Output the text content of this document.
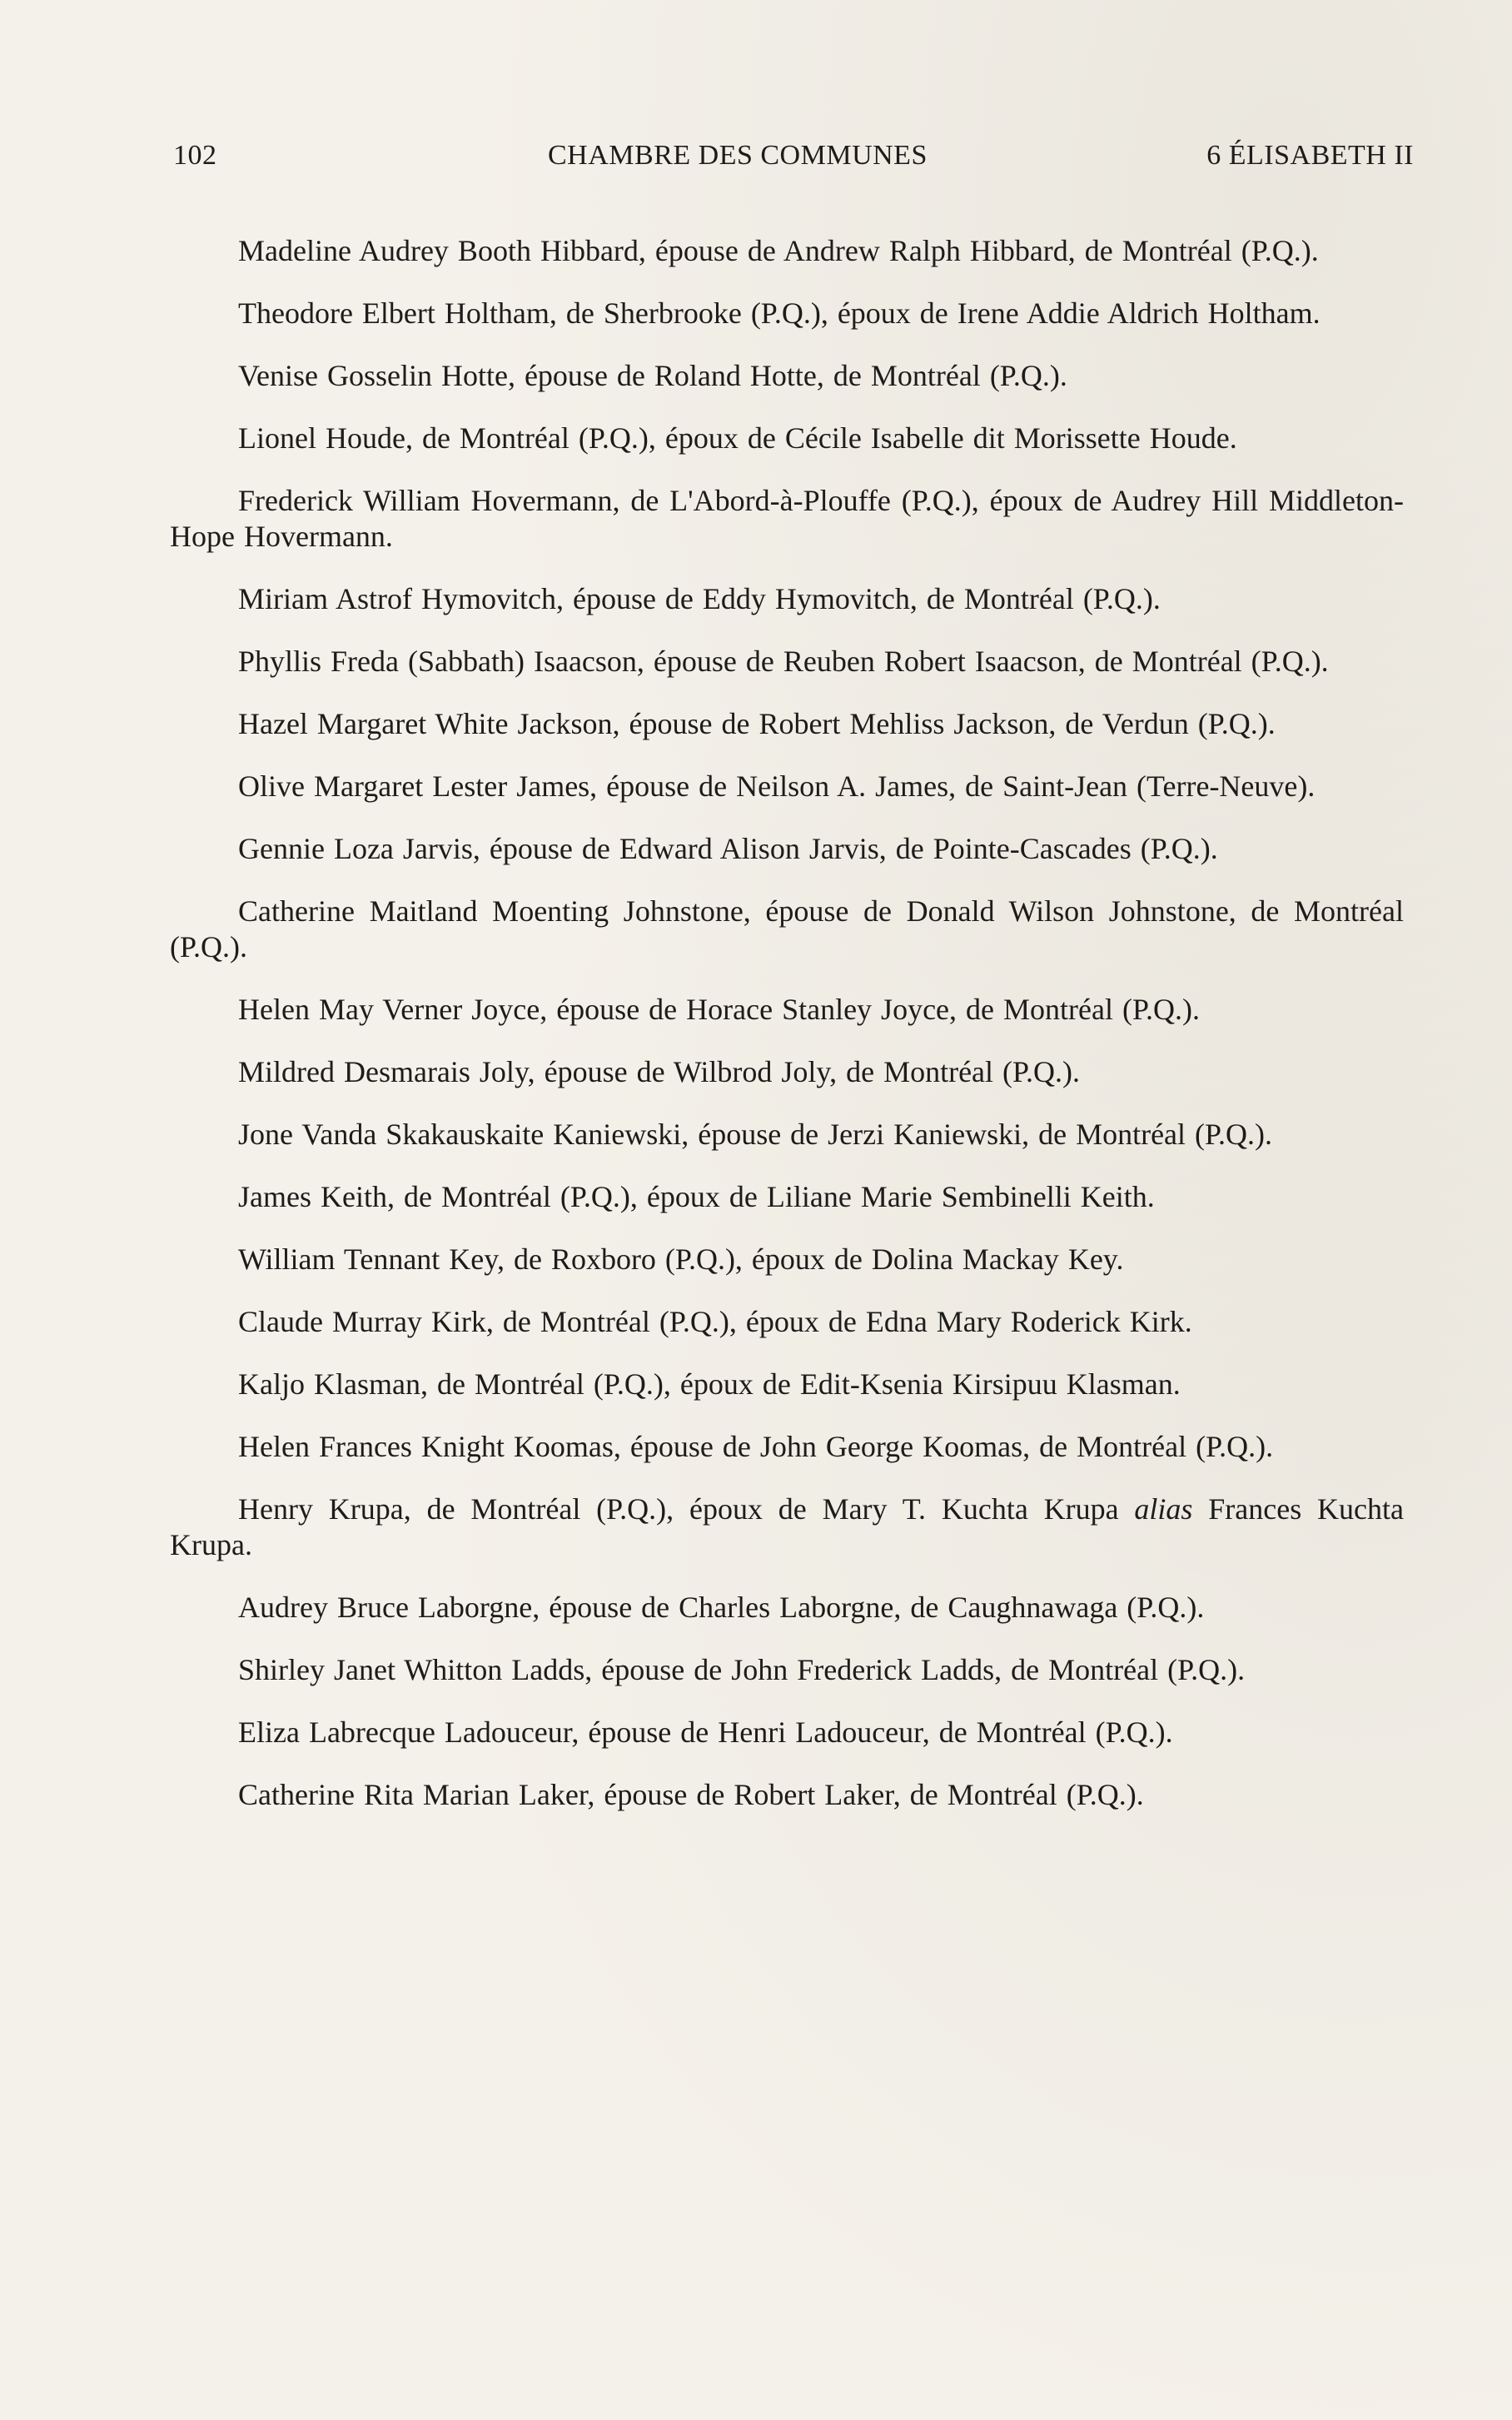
102	CHAMBRE DES COMMUNES	6 ÉLISABETH II

Madeline Audrey Booth Hibbard, épouse de Andrew Ralph Hibbard, de Montréal (P.Q.).

Theodore Elbert Holtham, de Sherbrooke (P.Q.), époux de Irene Addie Aldrich Holtham.

Venise Gosselin Hotte, épouse de Roland Hotte, de Montréal (P.Q.).

Lionel Houde, de Montréal (P.Q.), époux de Cécile Isabelle dit Morissette Houde.

Frederick William Hovermann, de L'Abord-à-Plouffe (P.Q.), époux de Audrey Hill Middleton-Hope Hovermann.

Miriam Astrof Hymovitch, épouse de Eddy Hymovitch, de Montréal (P.Q.).

Phyllis Freda (Sabbath) Isaacson, épouse de Reuben Robert Isaacson, de Montréal (P.Q.).

Hazel Margaret White Jackson, épouse de Robert Mehliss Jackson, de Verdun (P.Q.).

Olive Margaret Lester James, épouse de Neilson A. James, de Saint-Jean (Terre-Neuve).

Gennie Loza Jarvis, épouse de Edward Alison Jarvis, de Pointe-Cascades (P.Q.).

Catherine Maitland Moenting Johnstone, épouse de Donald Wilson Johnstone, de Montréal (P.Q.).

Helen May Verner Joyce, épouse de Horace Stanley Joyce, de Montréal (P.Q.).

Mildred Desmarais Joly, épouse de Wilbrod Joly, de Montréal (P.Q.).

Jone Vanda Skakauskaite Kaniewski, épouse de Jerzi Kaniewski, de Montréal (P.Q.).

James Keith, de Montréal (P.Q.), époux de Liliane Marie Sembinelli Keith.

William Tennant Key, de Roxboro (P.Q.), époux de Dolina Mackay Key.

Claude Murray Kirk, de Montréal (P.Q.), époux de Edna Mary Roderick Kirk.

Kaljo Klasman, de Montréal (P.Q.), époux de Edit-Ksenia Kirsipuu Klasman.

Helen Frances Knight Koomas, épouse de John George Koomas, de Montréal (P.Q.).

Henry Krupa, de Montréal (P.Q.), époux de Mary T. Kuchta Krupa alias Frances Kuchta Krupa.

Audrey Bruce Laborgne, épouse de Charles Laborgne, de Caughnawaga (P.Q.).

Shirley Janet Whitton Ladds, épouse de John Frederick Ladds, de Montréal (P.Q.).

Eliza Labrecque Ladouceur, épouse de Henri Ladouceur, de Montréal (P.Q.).

Catherine Rita Marian Laker, épouse de Robert Laker, de Montréal (P.Q.).
